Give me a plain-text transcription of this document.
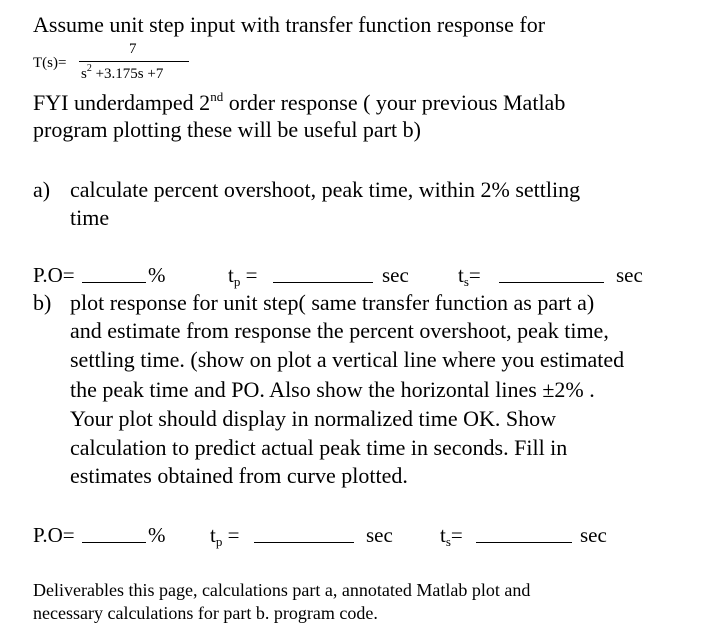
Assume unit step input with transfer function response for
T(s)=
7
$s^2 +3.175s +7$
FYI underdamped 2nd order response ( your previous Matlab
program plotting these will be useful part b)
a) calculate percent overshoot, peak time, within 2% settling
time
P.O=	%	$t_p$ =	$\sec t_s=$	sec
b) plot response for unit step( same transfer function as part a)
and estimate from response the percent overshoot, peak time,
settling time. (show on plot a vertical line where you estimated
the peak time and PO. Also show the horizontal lines ±2% .
Your plot should display in normalized time OK. Show
calculation to predict actual peak time in seconds. Fill in
estimates obtained from curve plotted.
P.O=	% $t_p$ =	$\sec t_s=$	sec
Deliverables this page, calculations part a, annotated Matlab plot and
necessary calculations for part b. program code.
